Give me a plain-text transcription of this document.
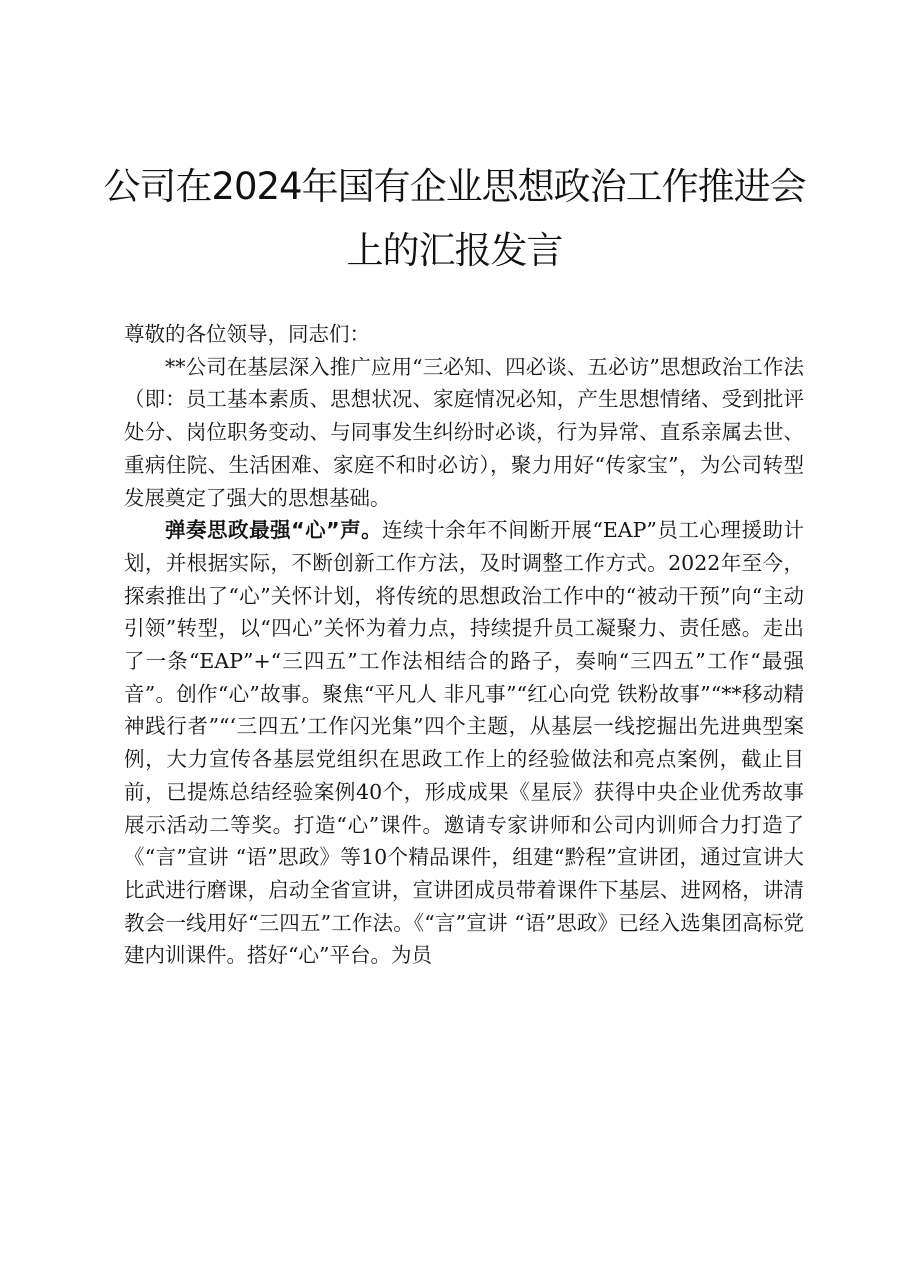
公司在2024年国有企业思想政治工作推进会
上的汇报发言

尊敬的各位领导，同志们：

**公司在基层深入推广应用“三必知、四必谈、五必访”思想政治工作法（即：员工基本素质、思想状况、家庭情况必知，产生思想情绪、受到批评处分、岗位职务变动、与同事发生纠纷时必谈，行为异常、直系亲属去世、重病住院、生活困难、家庭不和时必访），聚力用好“传家宝”，为公司转型发展奠定了强大的思想基础。

弹奏思政最强“心”声。连续十余年不间断开展“EAP”员工心理援助计划，并根据实际，不断创新工作方法，及时调整工作方式。2022年至今，探索推出了“心”关怀计划，将传统的思想政治工作中的“被动干预”向“主动引领”转型，以“四心”关怀为着力点，持续提升员工凝聚力、责任感。走出了一条“EAP”+“三四五”工作法相结合的路子，奏响“三四五”工作“最强音”。创作“心”故事。聚焦“平凡人 非凡事”“红心向党 铁粉故事”“**移动精神践行者”“‘三四五’工作闪光集”四个主题，从基层一线挖掘出先进典型案例，大力宣传各基层党组织在思政工作上的经验做法和亮点案例，截止目前，已提炼总结经验案例40个，形成成果《星辰》获得中央企业优秀故事展示活动二等奖。打造“心”课件。邀请专家讲师和公司内训师合力打造了《“言”宣讲 “语”思政》等10个精品课件，组建“黔程”宣讲团，通过宣讲大比武进行磨课，启动全省宣讲，宣讲团成员带着课件下基层、进网格，讲清教会一线用好“三四五”工作法。《“言”宣讲 “语”思政》已经入选集团高标党建内训课件。搭好“心”平台。为员
